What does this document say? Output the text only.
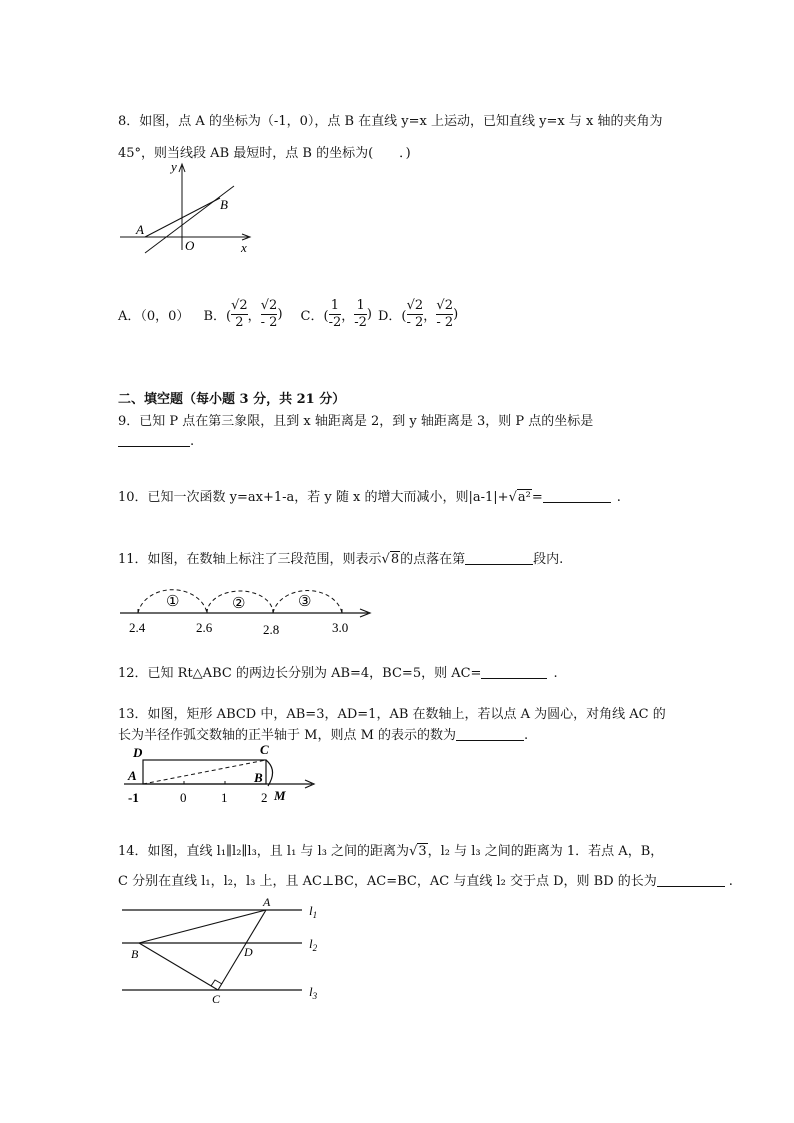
8．如图，点 A 的坐标为（-1，0），点 B 在直线 y=x 上运动，已知直线 y=x 与 x 轴的夹角为
45°，则当线段 AB 最短时，点 B 的坐标为(　　．)
y
x
O
A
B
A．（0，0） B．( $\frac{√2}{2}$ ， $\frac{√2}{- 2}$ ) C．( $\frac{1}{-2}$ ， $\frac{1}{-2}$ ) D．( $\frac{√2}{- 2}$ ， $\frac{√2}{- 2}$ )
二、填空题（每小题 3 分，共 21 分）
9．已知 P 点在第三象限，且到 x 轴距离是 2，到 y 轴距离是 3，则 P 点的坐标是
.
10．已知一次函数 y=ax+1-a，若 y 随 x 的增大而减小，则|a-1|+√a²=	.
11．如图，在数轴上标注了三段范围，则表示√8的点落在第	段内.
①	②	③
2.4	2.6	2.8	3.0
12．已知 Rt△ABC 的两边长分别为 AB=4，BC=5，则 AC=	.
13．如图，矩形 ABCD 中，AB=3，AD=1，AB 在数轴上，若以点 A 为圆心，对角线 AC 的
长为半径作弧交数轴的正半轴于 M，则点 M 的表示的数为	.
D	C
A	B
M
-1	0	1	2
14．如图，直线 l₁∥l₂∥l₃，且 l₁ 与 l₃ 之间的距离为√3，l₂ 与 l₃ 之间的距离为 1．若点 A，B，
C 分别在直线 l₁，l₂，l₃ 上，且 AC⊥BC，AC=BC，AC 与直线 l₂ 交于点 D，则 BD 的长为	.
A
B
C
D
$l_1$
$l_2$
$l_3$
